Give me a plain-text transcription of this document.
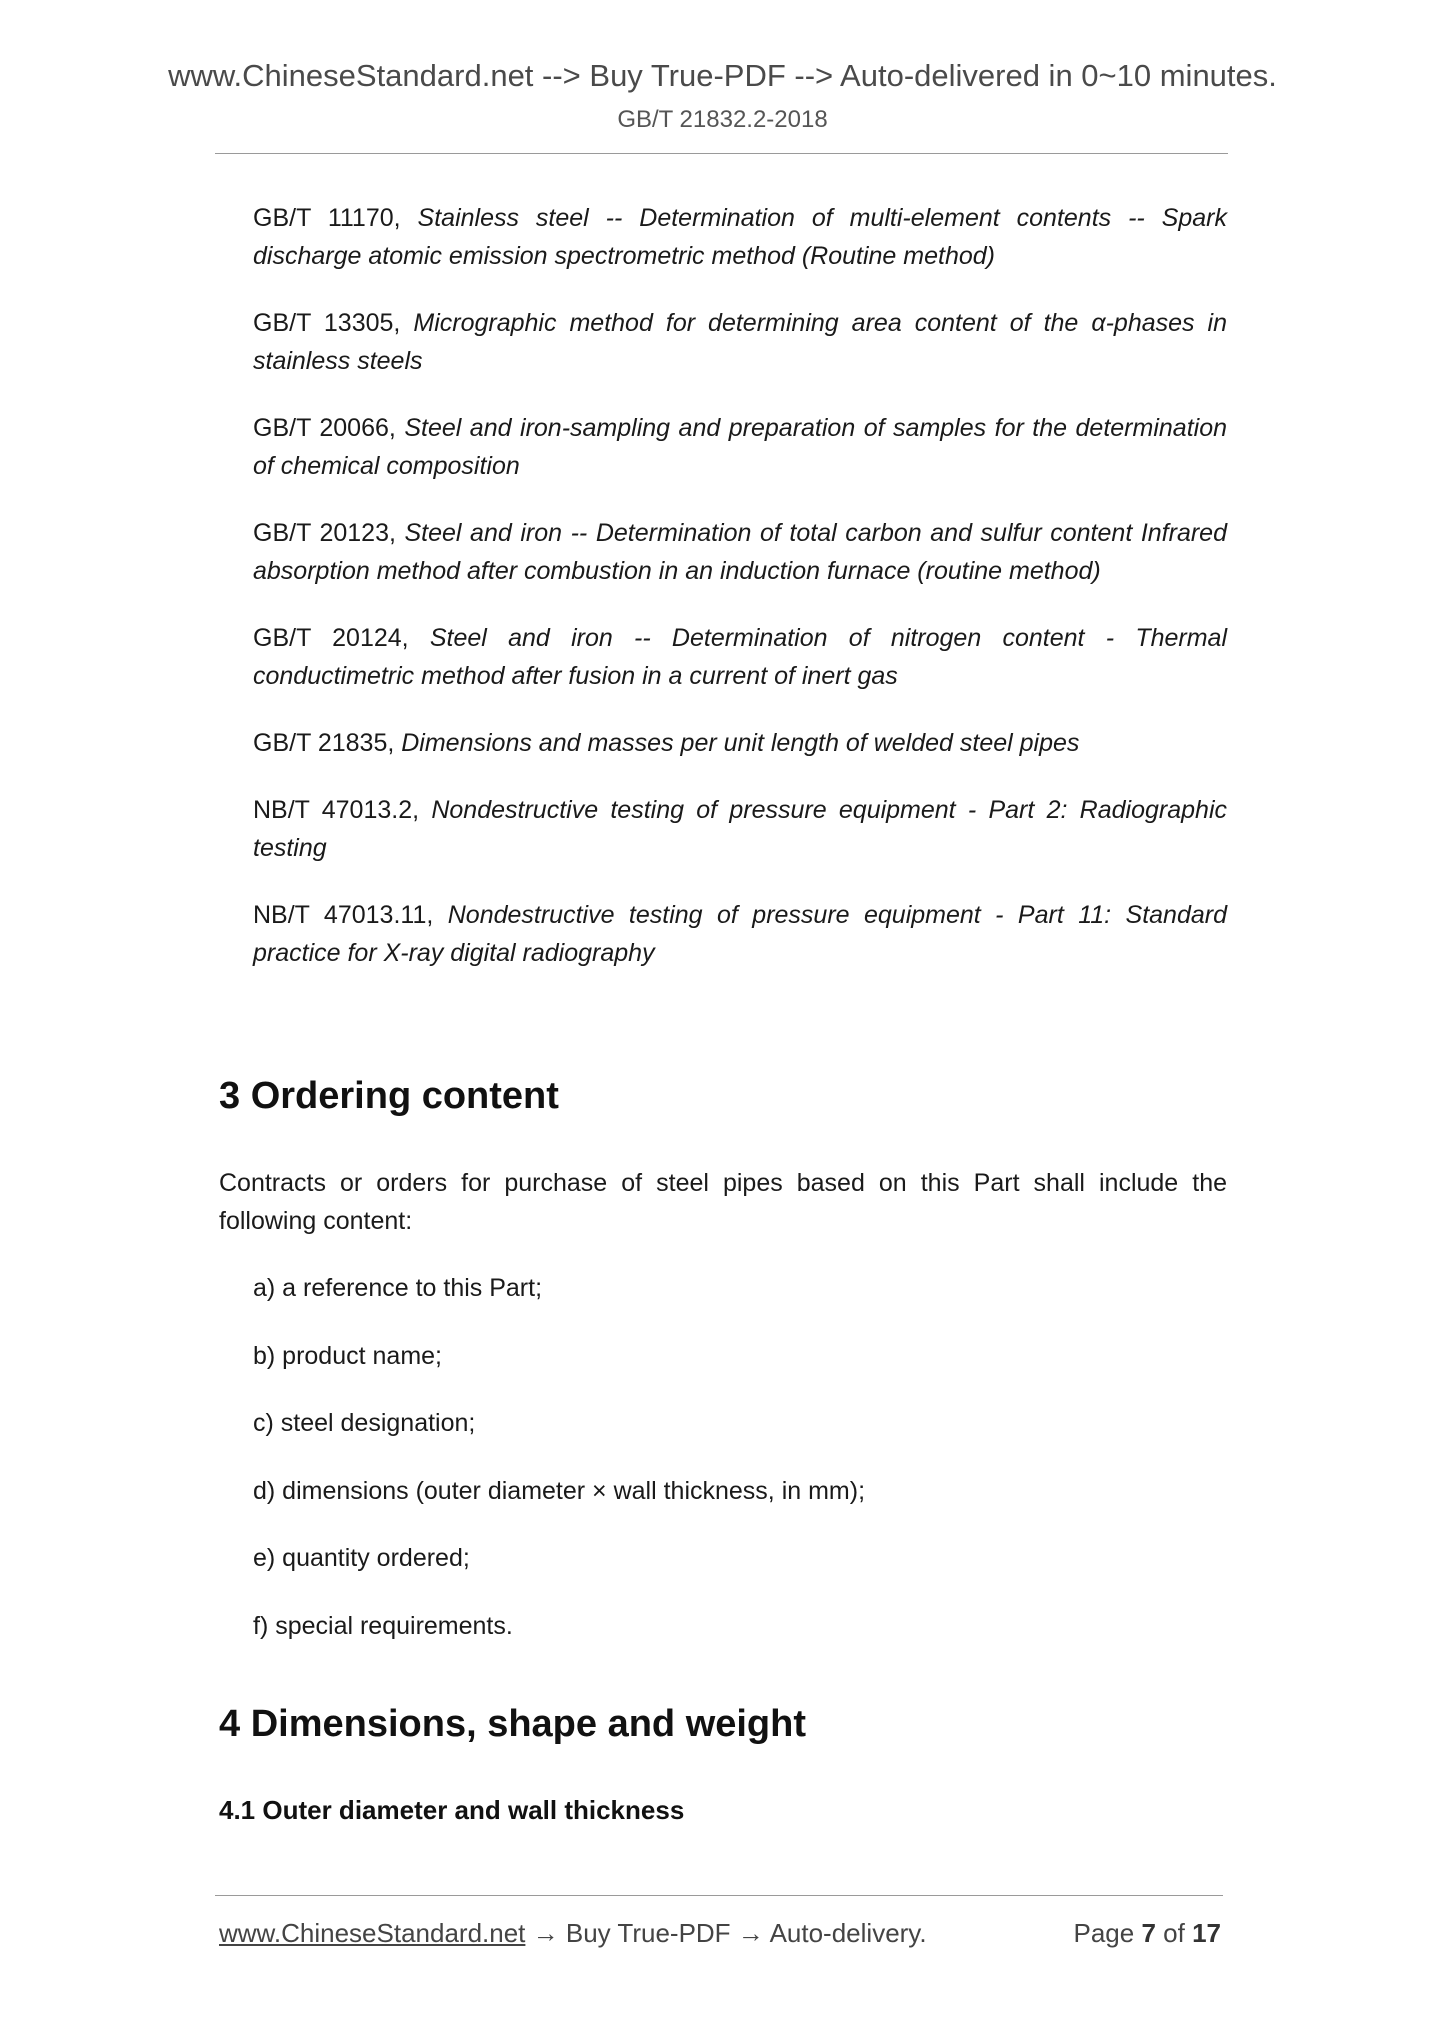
www.ChineseStandard.net --> Buy True-PDF --> Auto-delivered in 0~10 minutes.
GB/T 21832.2-2018

GB/T 11170, Stainless steel -- Determination of multi-element contents -- Spark discharge atomic emission spectrometric method (Routine method)

GB/T 13305, Micrographic method for determining area content of the α-phases in stainless steels

GB/T 20066, Steel and iron-sampling and preparation of samples for the determination of chemical composition

GB/T 20123, Steel and iron -- Determination of total carbon and sulfur content Infrared absorption method after combustion in an induction furnace (routine method)

GB/T 20124, Steel and iron -- Determination of nitrogen content - Thermal conductimetric method after fusion in a current of inert gas

GB/T 21835, Dimensions and masses per unit length of welded steel pipes

NB/T 47013.2, Nondestructive testing of pressure equipment - Part 2: Radiographic testing

NB/T 47013.11, Nondestructive testing of pressure equipment - Part 11: Standard practice for X-ray digital radiography

3 Ordering content
Contracts or orders for purchase of steel pipes based on this Part shall include the following content:
a) a reference to this Part;
b) product name;
c) steel designation;
d) dimensions (outer diameter × wall thickness, in mm);
e) quantity ordered;
f) special requirements.
4 Dimensions, shape and weight
4.1 Outer diameter and wall thickness
www.ChineseStandard.net → Buy True-PDF → Auto-delivery.	Page 7 of 17
